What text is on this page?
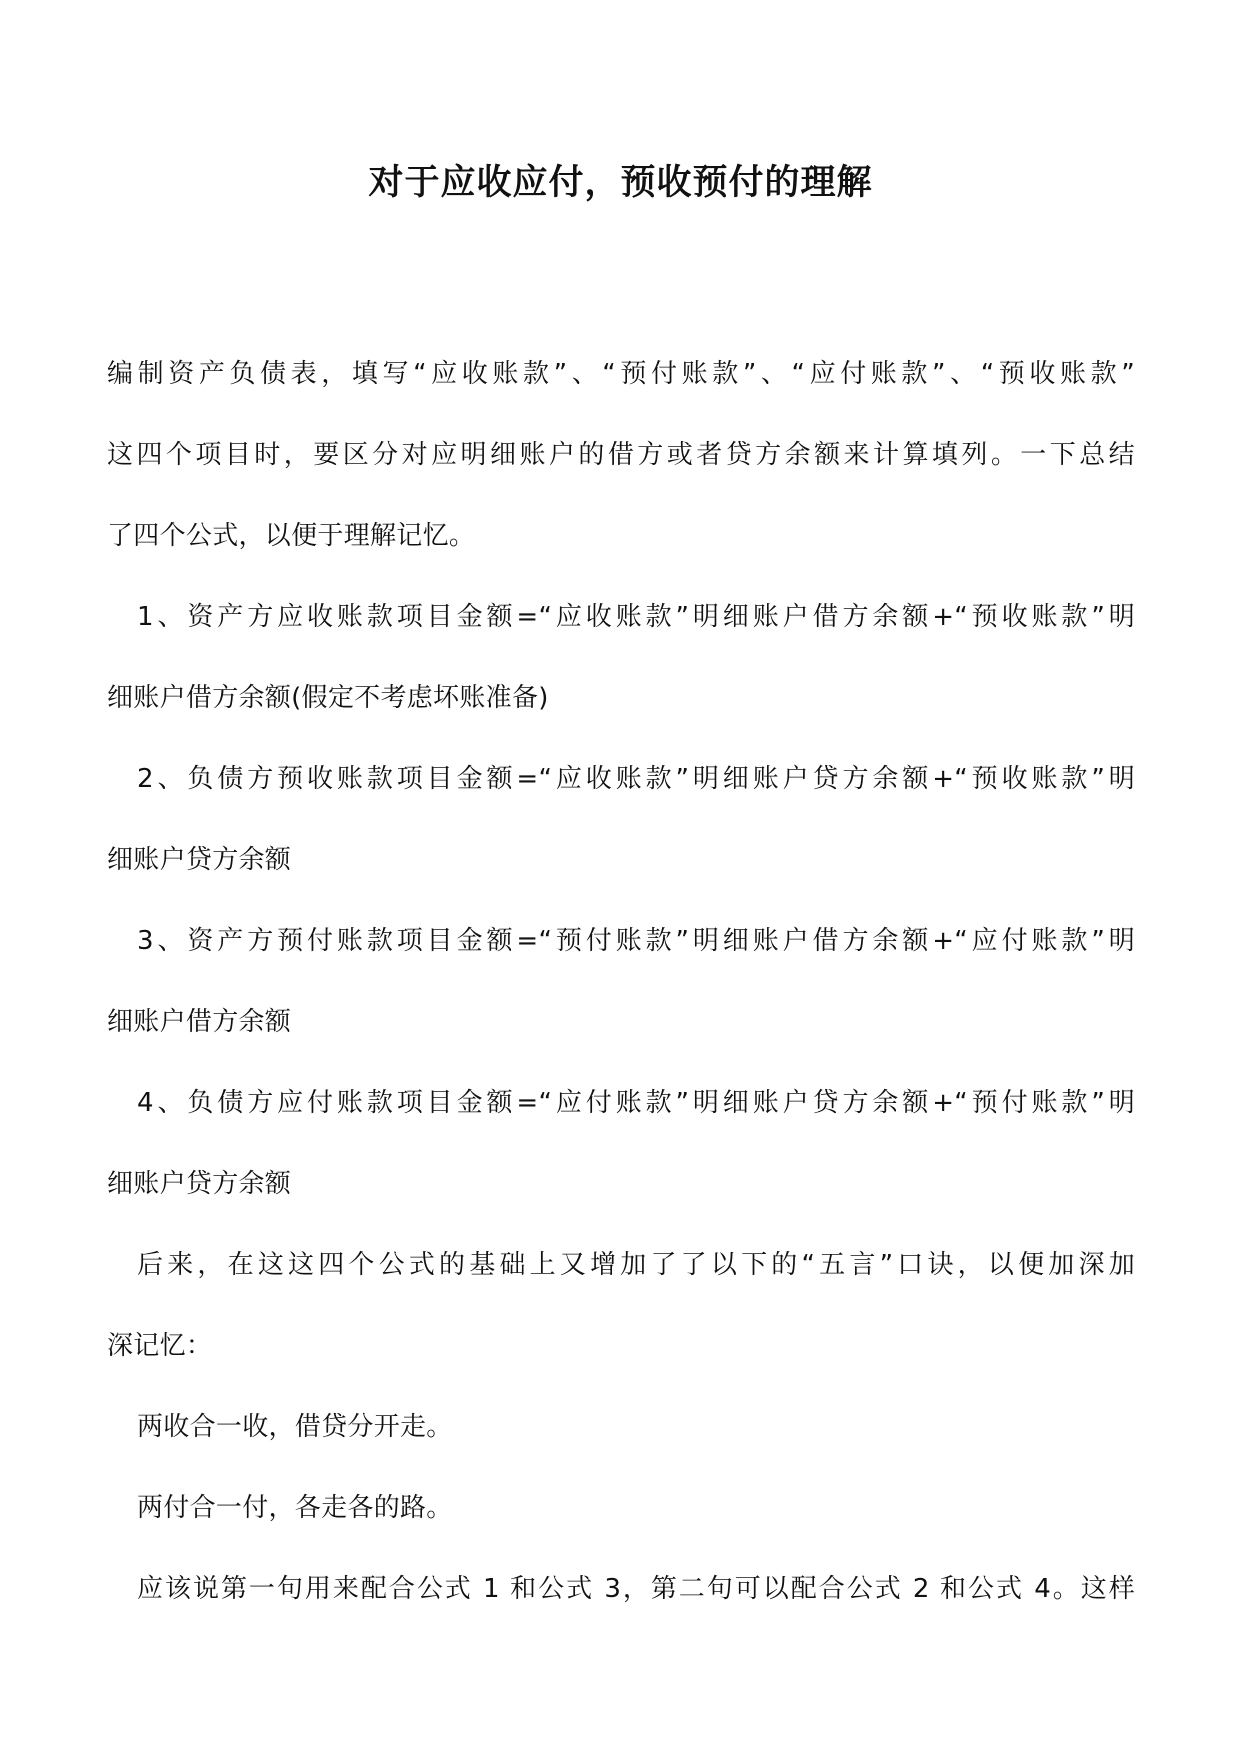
对于应收应付，预收预付的理解
编制资产负债表，填写“应收账款”、“预付账款”、“应付账款”、“预收账款”
这四个项目时，要区分对应明细账户的借方或者贷方余额来计算填列。一下总结
了四个公式，以便于理解记忆。
1、资产方应收账款项目金额=“应收账款”明细账户借方余额+“预收账款”明
细账户借方余额(假定不考虑坏账准备)
2、负债方预收账款项目金额=“应收账款”明细账户贷方余额+“预收账款”明
细账户贷方余额
3、资产方预付账款项目金额=“预付账款”明细账户借方余额+“应付账款”明
细账户借方余额
4、负债方应付账款项目金额=“应付账款”明细账户贷方余额+“预付账款”明
细账户贷方余额
后来，在这这四个公式的基础上又增加了了以下的“五言”口诀，以便加深加
深记忆：
两收合一收，借贷分开走。
两付合一付，各走各的路。
应该说第一句用来配合公式 1 和公式 3，第二句可以配合公式 2 和公式 4。这样
